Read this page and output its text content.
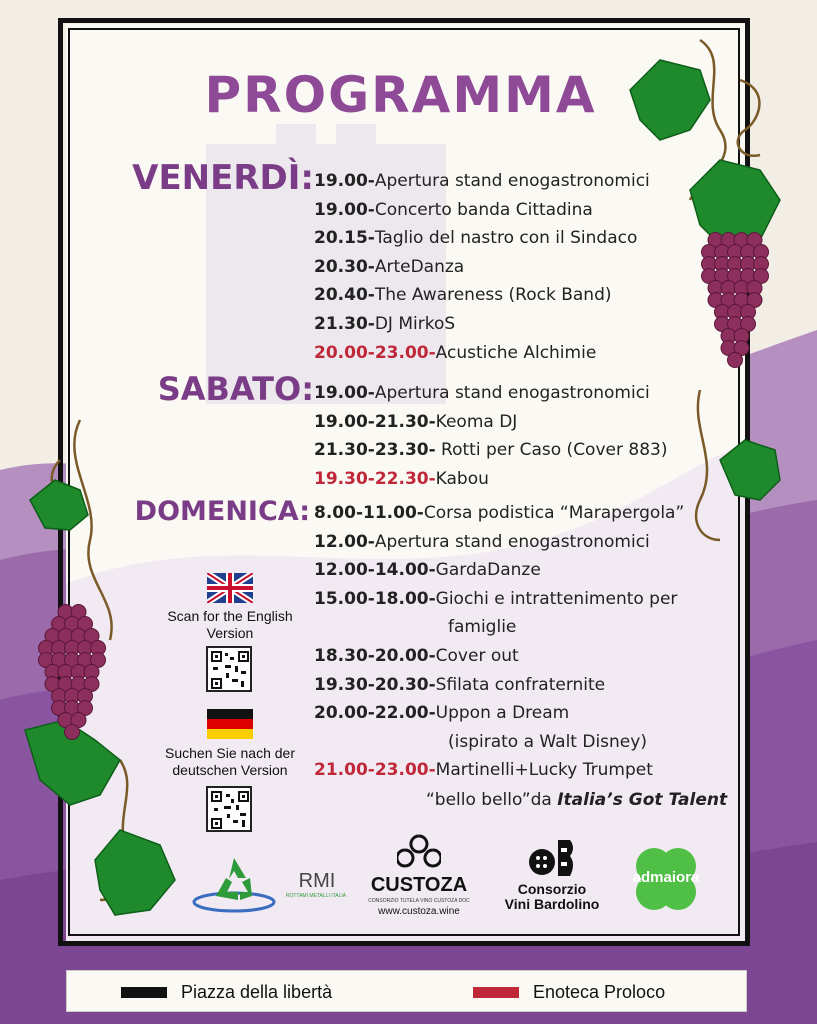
PROGRAMMA
VENERDÌ:
SABATO:
DOMENICA:
19.00-Apertura stand enogastronomici
19.00-Concerto banda Cittadina
20.15-Taglio del nastro con il Sindaco
20.30-ArteDanza
20.40-The Awareness (Rock Band)
21.30-DJ MirkoS
20.00-23.00-Acustiche Alchimie
19.00-Apertura stand enogastronomici
19.00-21.30-Keoma DJ
21.30-23.30- Rotti per Caso (Cover 883)
19.30-22.30-Kabou
8.00-11.00-Corsa podistica “Marapergola”
12.00-Apertura stand enogastronomici
12.00-14.00-GardaDanze
15.00-18.00-Giochi e intrattenimento per
famiglie
18.30-20.00-Cover out
19.30-20.30-Sfilata confraternite
20.00-22.00-Uppon a Dream
(ispirato a Walt Disney)
21.00-23.00-Martinelli+Lucky Trumpet
“bello bello”da Italia’s Got Talent
Scan for the English
Version
Suchen Sie nach der
deutschen Version
RMI
ROTTAMI METALLI ITALIA	CUSTOZA
CONSORZIO TUTELA VINO CUSTOZA DOC
www.custoza.wine
Consorzio
Vini Bardolino
admaiora
Piazza della libertà	Enoteca Proloco
